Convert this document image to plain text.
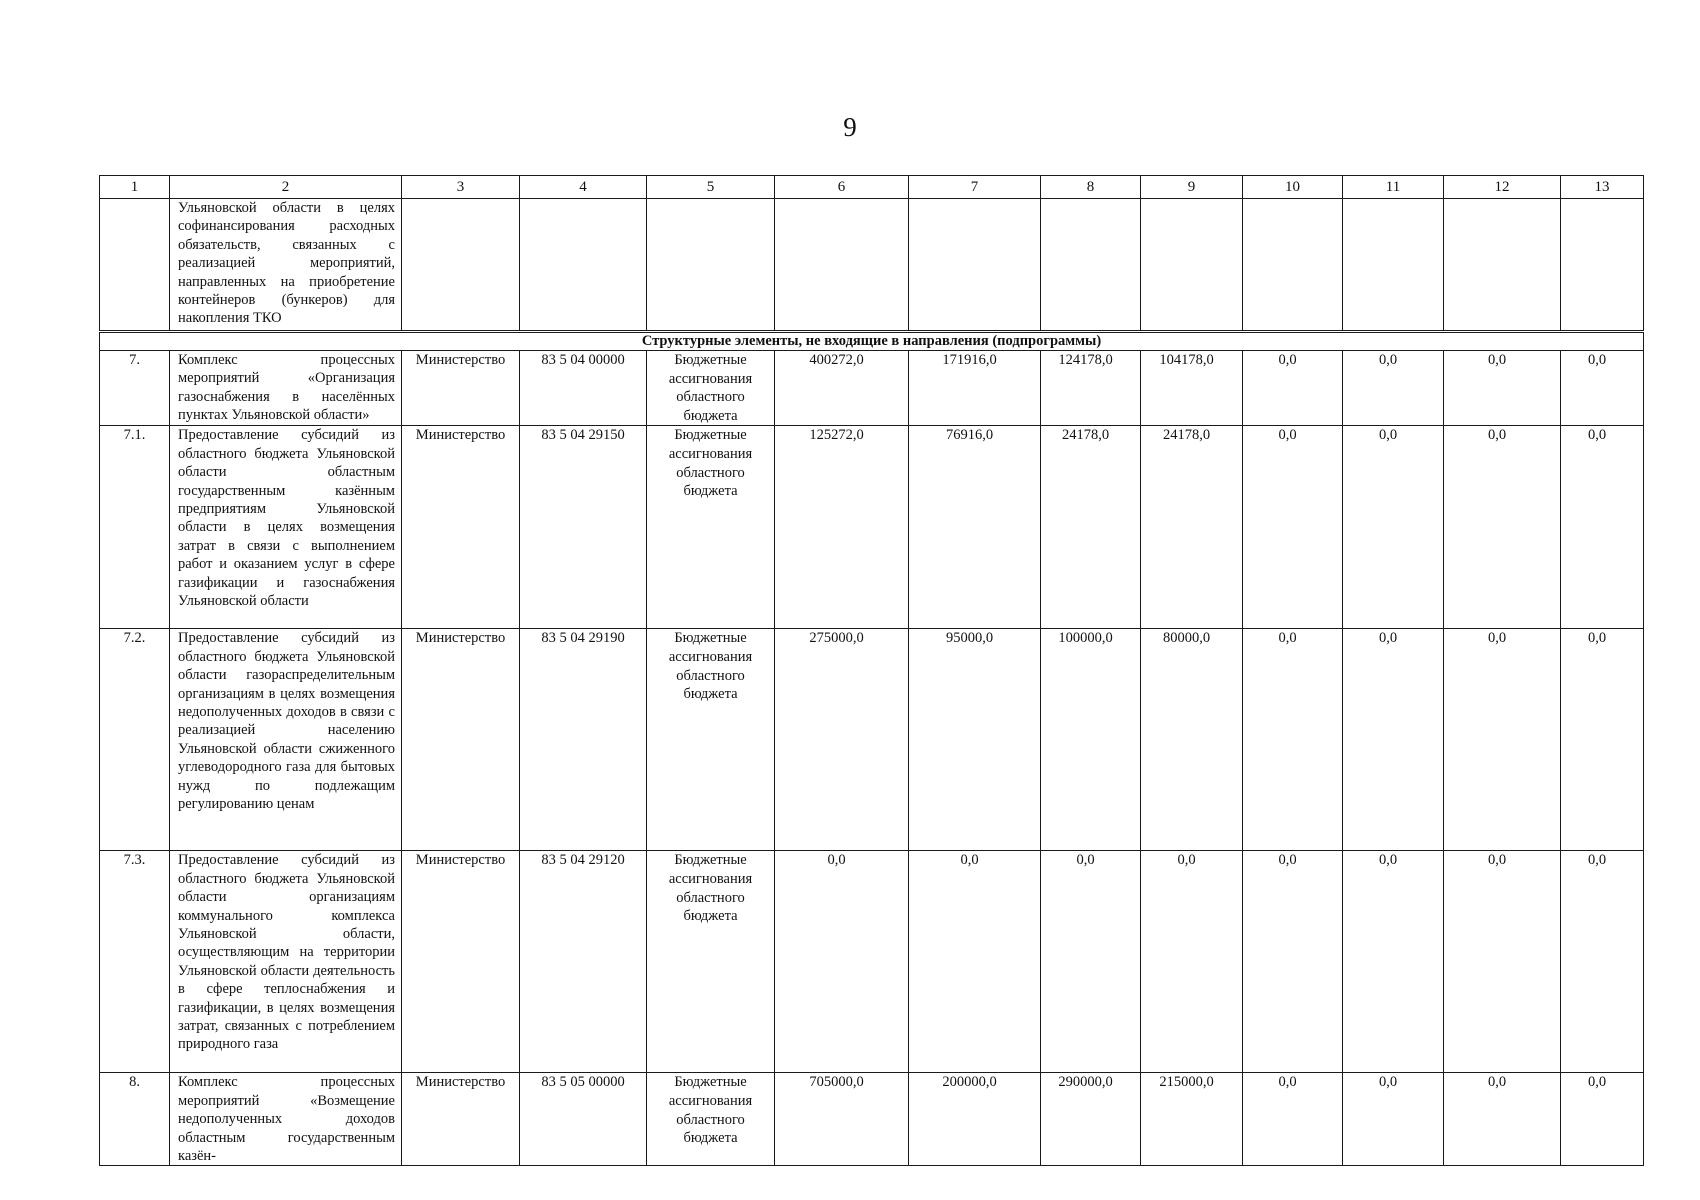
9
1	2	3	4	5	6	7	8	9	10	11	12	13

	Ульяновской области в целях софинансирования расходных обязательств, связанных с реализацией мероприятий, направленных на приобретение контейнеров (бункеров) для накопления ТКО											

Структурные элементы, не входящие в направления (подпрограммы)												
7.	Комплекс процессных мероприятий «Организация газоснабжения в населённых пунктах Ульяновской области»	Министерство	83 5 04 00000	Бюджетные ассигнования областного бюджета	400272,0	171916,0	124178,0	104178,0	0,0	0,0	0,0	0,0
7.1.	Предоставление субсидий из областного бюджета Ульяновской области областным государственным казённым предприятиям Ульяновской области в целях возмещения затрат в связи с выполнением работ и оказанием услуг в сфере газификации и газоснабжения Ульяновской области	Министерство	83 5 04 29150	Бюджетные ассигнования областного бюджета	125272,0	76916,0	24178,0	24178,0	0,0	0,0	0,0	0,0
7.2.	Предоставление субсидий из областного бюджета Ульяновской области газораспределительным организациям в целях возмещения недополученных доходов в связи с реализацией населению Ульяновской области сжиженного углеводородного газа для бытовых нужд по подлежащим регулированию ценам	Министерство	83 5 04 29190	Бюджетные ассигнования областного бюджета	275000,0	95000,0	100000,0	80000,0	0,0	0,0	0,0	0,0
7.3.	Предоставление субсидий из областного бюджета Ульяновской области организациям коммунального комплекса Ульяновской области, осуществляющим на территории Ульяновской области деятельность в сфере теплоснабжения и газификации, в целях возмещения затрат, связанных с потреблением природного газа	Министерство	83 5 04 29120	Бюджетные ассигнования областного бюджета	0,0	0,0	0,0	0,0	0,0	0,0	0,0	0,0
8.	Комплекс процессных мероприятий «Возмещение недополученных доходов областным государственным казён-	Министерство	83 5 05 00000	Бюджетные ассигнования областного бюджета	705000,0	200000,0	290000,0	215000,0	0,0	0,0	0,0	0,0
